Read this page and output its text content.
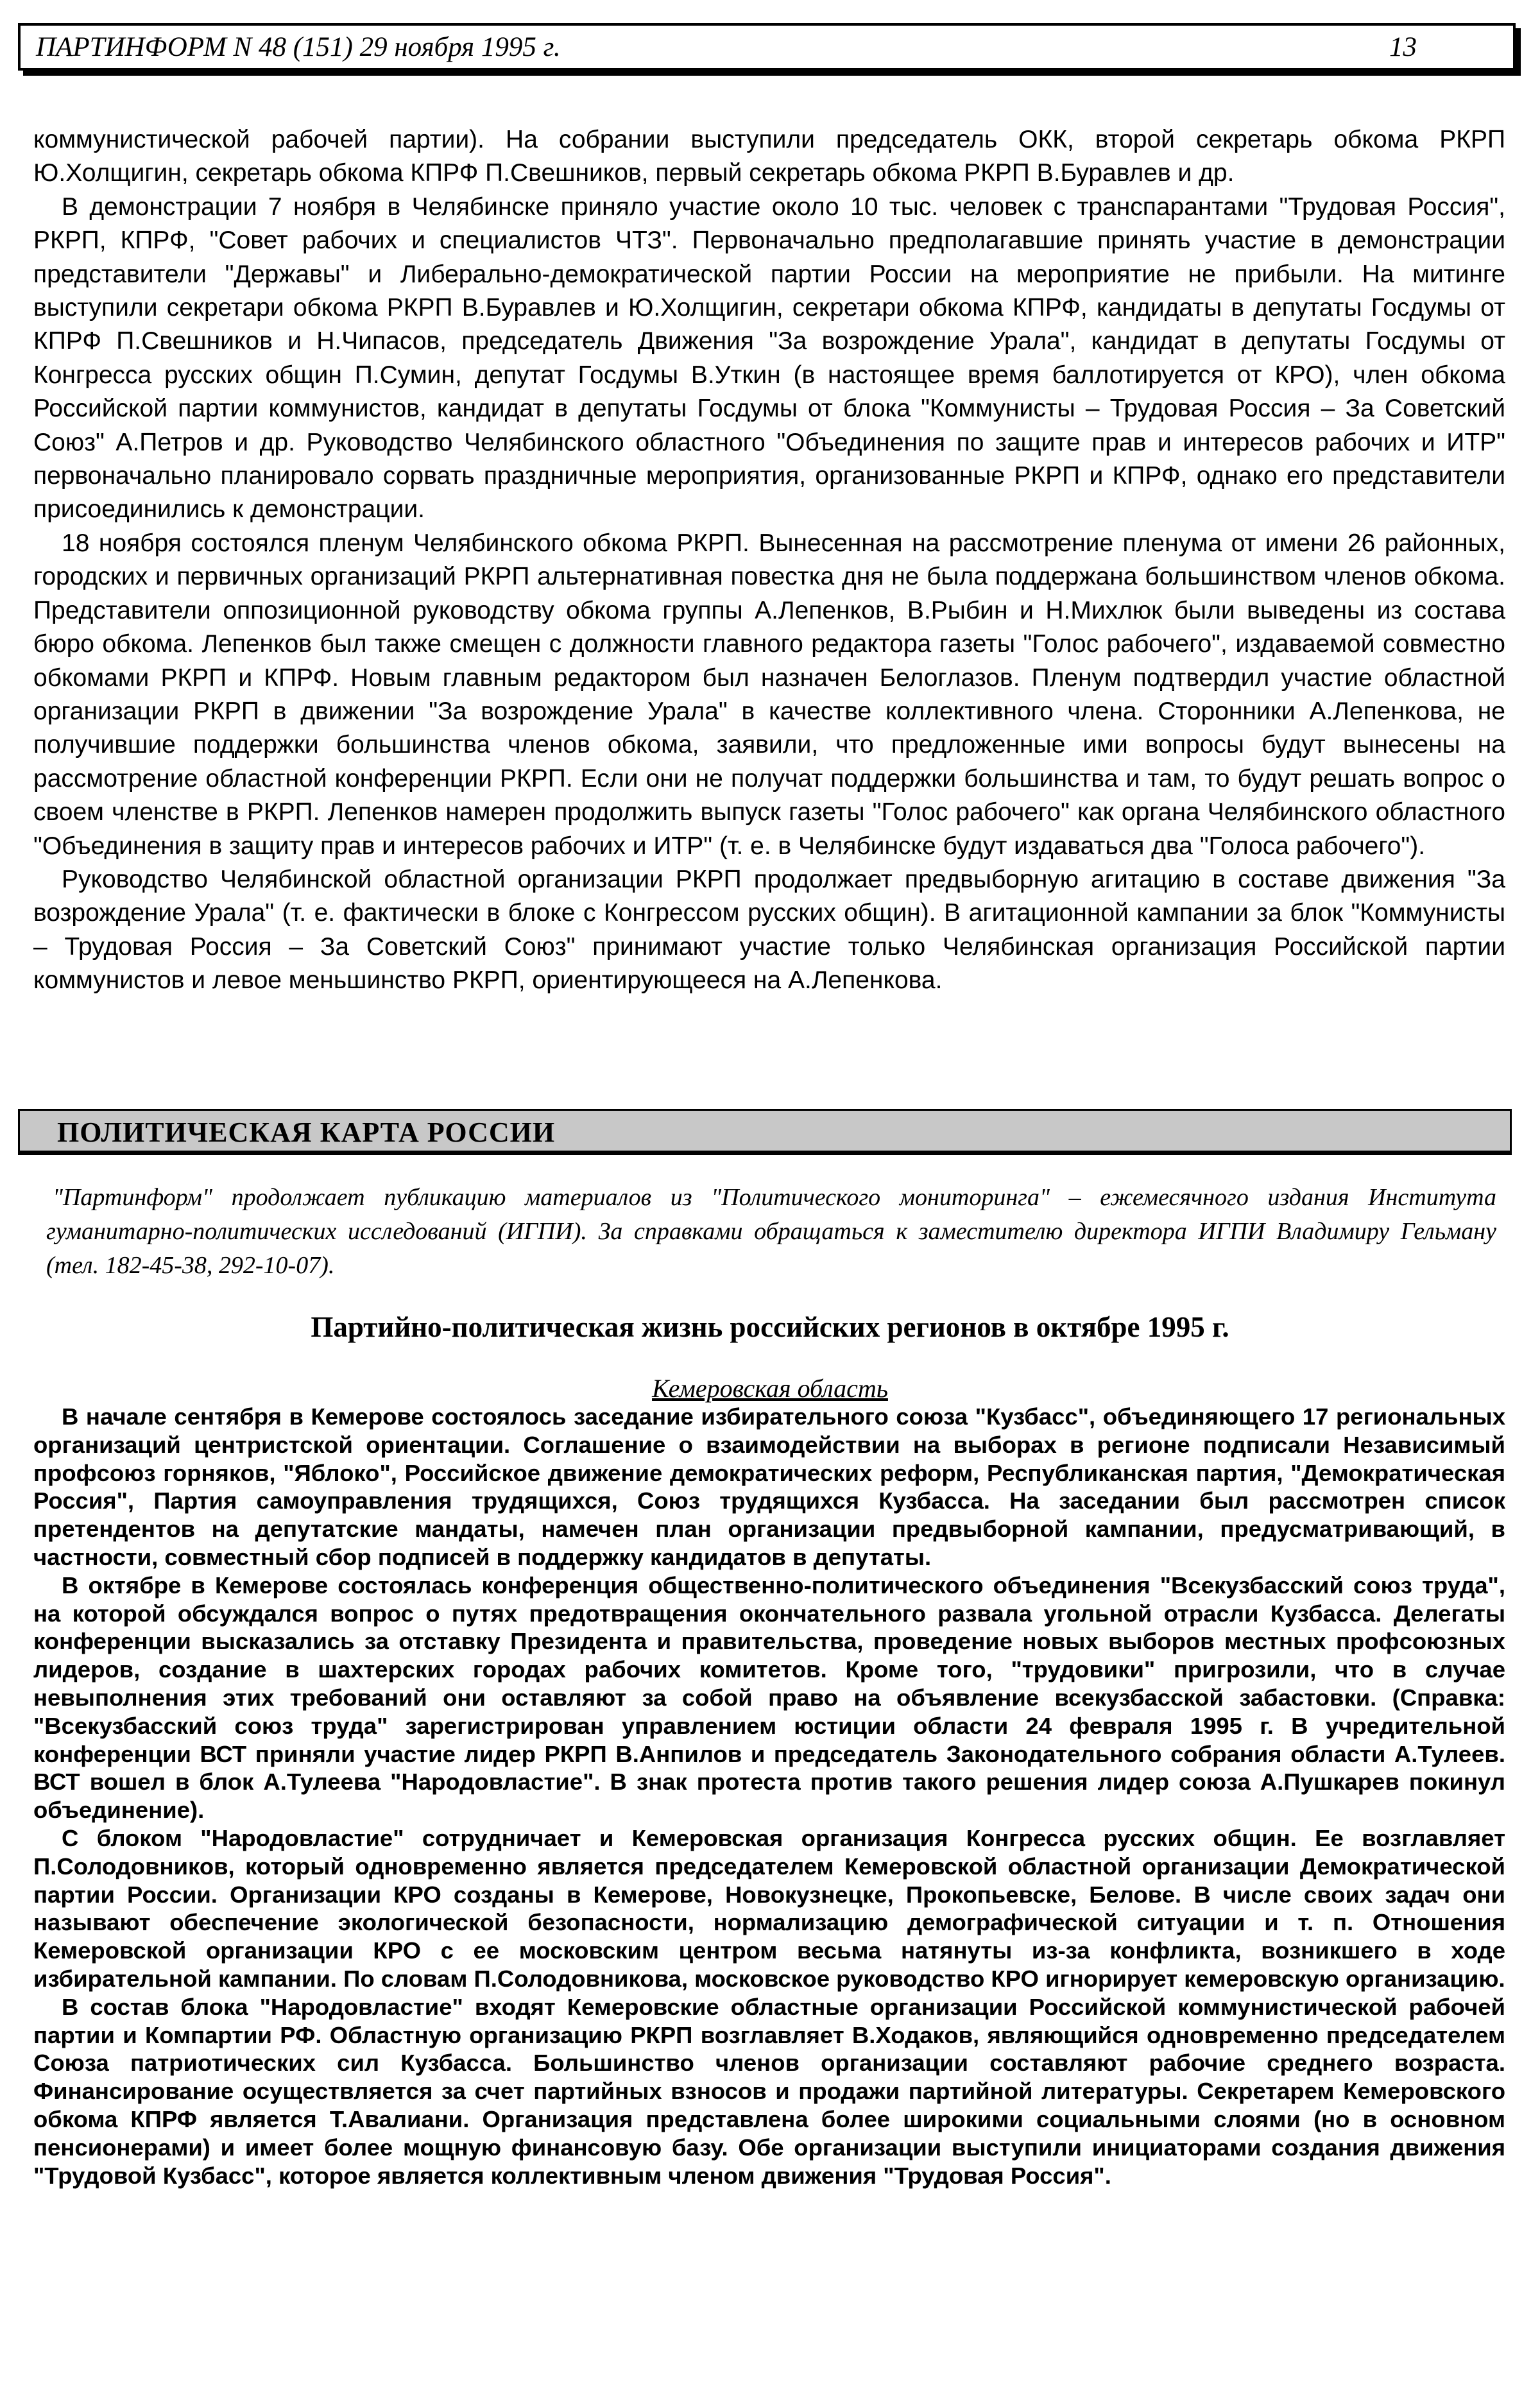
ПАРТИНФОРМ N 48 (151) 29 ноября 1995 г.	13

коммунистической рабочей партии). На собрании выступили председатель ОКК, второй секретарь обкома РКРП Ю.Холщигин, секретарь обкома КПРФ П.Свешников, первый секретарь обкома РКРП В.Буравлев и др.

В демонстрации 7 ноября в Челябинске приняло участие около 10 тыс. человек с транспарантами "Трудовая Россия", РКРП, КПРФ, "Совет рабочих и специалистов ЧТЗ". Первоначально предполагавшие принять участие в демонстрации представители "Державы" и Либерально-демократической партии России на мероприятие не прибыли. На митинге выступили секретари обкома РКРП В.Буравлев и Ю.Холщигин, секретари обкома КПРФ, кандидаты в депутаты Госдумы от КПРФ П.Свешников и Н.Чипасов, председатель Движения "За возрождение Урала", кандидат в депутаты Госдумы от Конгресса русских общин П.Сумин, депутат Госдумы В.Уткин (в настоящее время баллотируется от КРО), член обкома Российской партии коммунистов, кандидат в депутаты Госдумы от блока "Коммунисты – Трудовая Россия – За Советский Союз" А.Петров и др. Руководство Челябинского областного "Объединения по защите прав и интересов рабочих и ИТР" первоначально планировало сорвать праздничные мероприятия, организованные РКРП и КПРФ, однако его представители присоединились к демонстрации.

18 ноября состоялся пленум Челябинского обкома РКРП. Вынесенная на рассмотрение пленума от имени 26 районных, городских и первичных организаций РКРП альтернативная повестка дня не была поддержана большинством членов обкома. Представители оппозиционной руководству обкома группы А.Лепенков, В.Рыбин и Н.Михлюк были выведены из состава бюро обкома. Лепенков был также смещен с должности главного редактора газеты "Голос рабочего", издаваемой совместно обкомами РКРП и КПРФ. Новым главным редактором был назначен Белоглазов. Пленум подтвердил участие областной организации РКРП в движении "За возрождение Урала" в качестве коллективного члена. Сторонники А.Лепенкова, не получившие поддержки большинства членов обкома, заявили, что предложенные ими вопросы будут вынесены на рассмотрение областной конференции РКРП. Если они не получат поддержки большинства и там, то будут решать вопрос о своем членстве в РКРП. Лепенков намерен продолжить выпуск газеты "Голос рабочего" как органа Челябинского областного "Объединения в защиту прав и интересов рабочих и ИТР" (т. е. в Челябинске будут издаваться два "Голоса рабочего").

Руководство Челябинской областной организации РКРП продолжает предвыборную агитацию в составе движения "За возрождение Урала" (т. е. фактически в блоке с Конгрессом русских общин). В агитационной кампании за блок "Коммунисты – Трудовая Россия – За Советский Союз" принимают участие только Челябинская организация Российской партии коммунистов и левое меньшинство РКРП, ориентирующееся на А.Лепенкова.

ПОЛИТИЧЕСКАЯ КАРТА РОССИИ
"Партинформ" продолжает публикацию материалов из "Политического мониторинга" – ежемесячного издания Института гуманитарно-политических исследований (ИГПИ). За справками обращаться к заместителю директора ИГПИ Владимиру Гельману (тел. 182-45-38, 292-10-07).
Партийно-политическая жизнь российских регионов в октябре 1995 г.
Кемеровская область

В начале сентября в Кемерове состоялось заседание избирательного союза "Кузбасс", объединяющего 17 региональных организаций центристской ориентации. Соглашение о взаимодействии на выборах в регионе подписали Независимый профсоюз горняков, "Яблоко", Российское движение демократических реформ, Республиканская партия, "Демократическая Россия", Партия самоуправления трудящихся, Союз трудящихся Кузбасса. На заседании был рассмотрен список претендентов на депутатские мандаты, намечен план организации предвыборной кампании, предусматривающий, в частности, совместный сбор подписей в поддержку кандидатов в депутаты.

В октябре в Кемерове состоялась конференция общественно-политического объединения "Всекузбасский союз труда", на которой обсуждался вопрос о путях предотвращения окончательного развала угольной отрасли Кузбасса. Делегаты конференции высказались за отставку Президента и правительства, проведение новых выборов местных профсоюзных лидеров, создание в шахтерских городах рабочих комитетов. Кроме того, "трудовики" пригрозили, что в случае невыполнения этих требований они оставляют за собой право на объявление всекузбасской забастовки. (Справка: "Всекузбасский союз труда" зарегистрирован управлением юстиции области 24 февраля 1995 г. В учредительной конференции ВСТ приняли участие лидер РКРП В.Анпилов и председатель Законодательного собрания области А.Тулеев. ВСТ вошел в блок А.Тулеева "Народовластие". В знак протеста против такого решения лидер союза А.Пушкарев покинул объединение).

С блоком "Народовластие" сотрудничает и Кемеровская организация Конгресса русских общин. Ее возглавляет П.Солодовников, который одновременно является председателем Кемеровской областной организации Демократической партии России. Организации КРО созданы в Кемерове, Новокузнецке, Прокопьевске, Белове. В числе своих задач они называют обеспечение экологической безопасности, нормализацию демографической ситуации и т. п. Отношения Кемеровской организации КРО с ее московским центром весьма натянуты из-за конфликта, возникшего в ходе избирательной кампании. По словам П.Солодовникова, московское руководство КРО игнорирует кемеровскую организацию.

В состав блока "Народовластие" входят Кемеровские областные организации Российской коммунистической рабочей партии и Компартии РФ. Областную организацию РКРП возглавляет В.Ходаков, являющийся одновременно председателем Союза патриотических сил Кузбасса. Большинство членов организации составляют рабочие среднего возраста. Финансирование осуществляется за счет партийных взносов и продажи партийной литературы. Секретарем Кемеровского обкома КПРФ является Т.Авалиани. Организация представлена более широкими социальными слоями (но в основном пенсионерами) и имеет более мощную финансовую базу. Обе организации выступили инициаторами создания движения "Трудовой Кузбасс", которое является коллективным членом движения "Трудовая Россия".
